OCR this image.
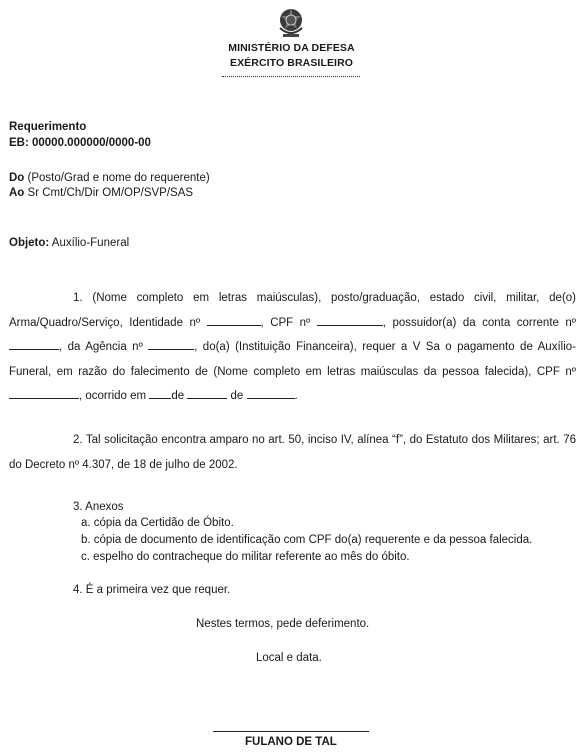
MINISTÉRIO DA DEFESA
EXÉRCITO BRASILEIRO
Requerimento
EB: 00000.000000/0000-00
Do (Posto/Grad e nome do requerente)
Ao Sr Cmt/Ch/Dir OM/OP/SVP/SAS
Objeto: Auxílio-Funeral
1. (Nome completo em letras maiúsculas), posto/graduação, estado civil, militar, de(o) Arma/Quadro/Serviço, Identidade nº	, CPF nº	, possuidor(a) da conta corrente nº , da Agência nº	, do(a) (Instituição Financeira), requer a V Sa o pagamento de Auxílio-Funeral, em razão do falecimento de (Nome completo em letras maiúsculas da pessoa falecida), CPF nº , ocorrido em de	de	.
2. Tal solicitação encontra amparo no art. 50, inciso IV, alínea “f”, do Estatuto dos Militares; art. 76 do Decreto nº 4.307, de 18 de julho de 2002.
3. Anexos
a. cópia da Certidão de Óbito.
b. cópia de documento de identificação com CPF do(a) requerente e da pessoa falecida.
c. espelho do contracheque do militar referente ao mês do óbito.
4. É a primeira vez que requer.
Nestes termos, pede deferimento.
Local e data.
FULANO DE TAL
